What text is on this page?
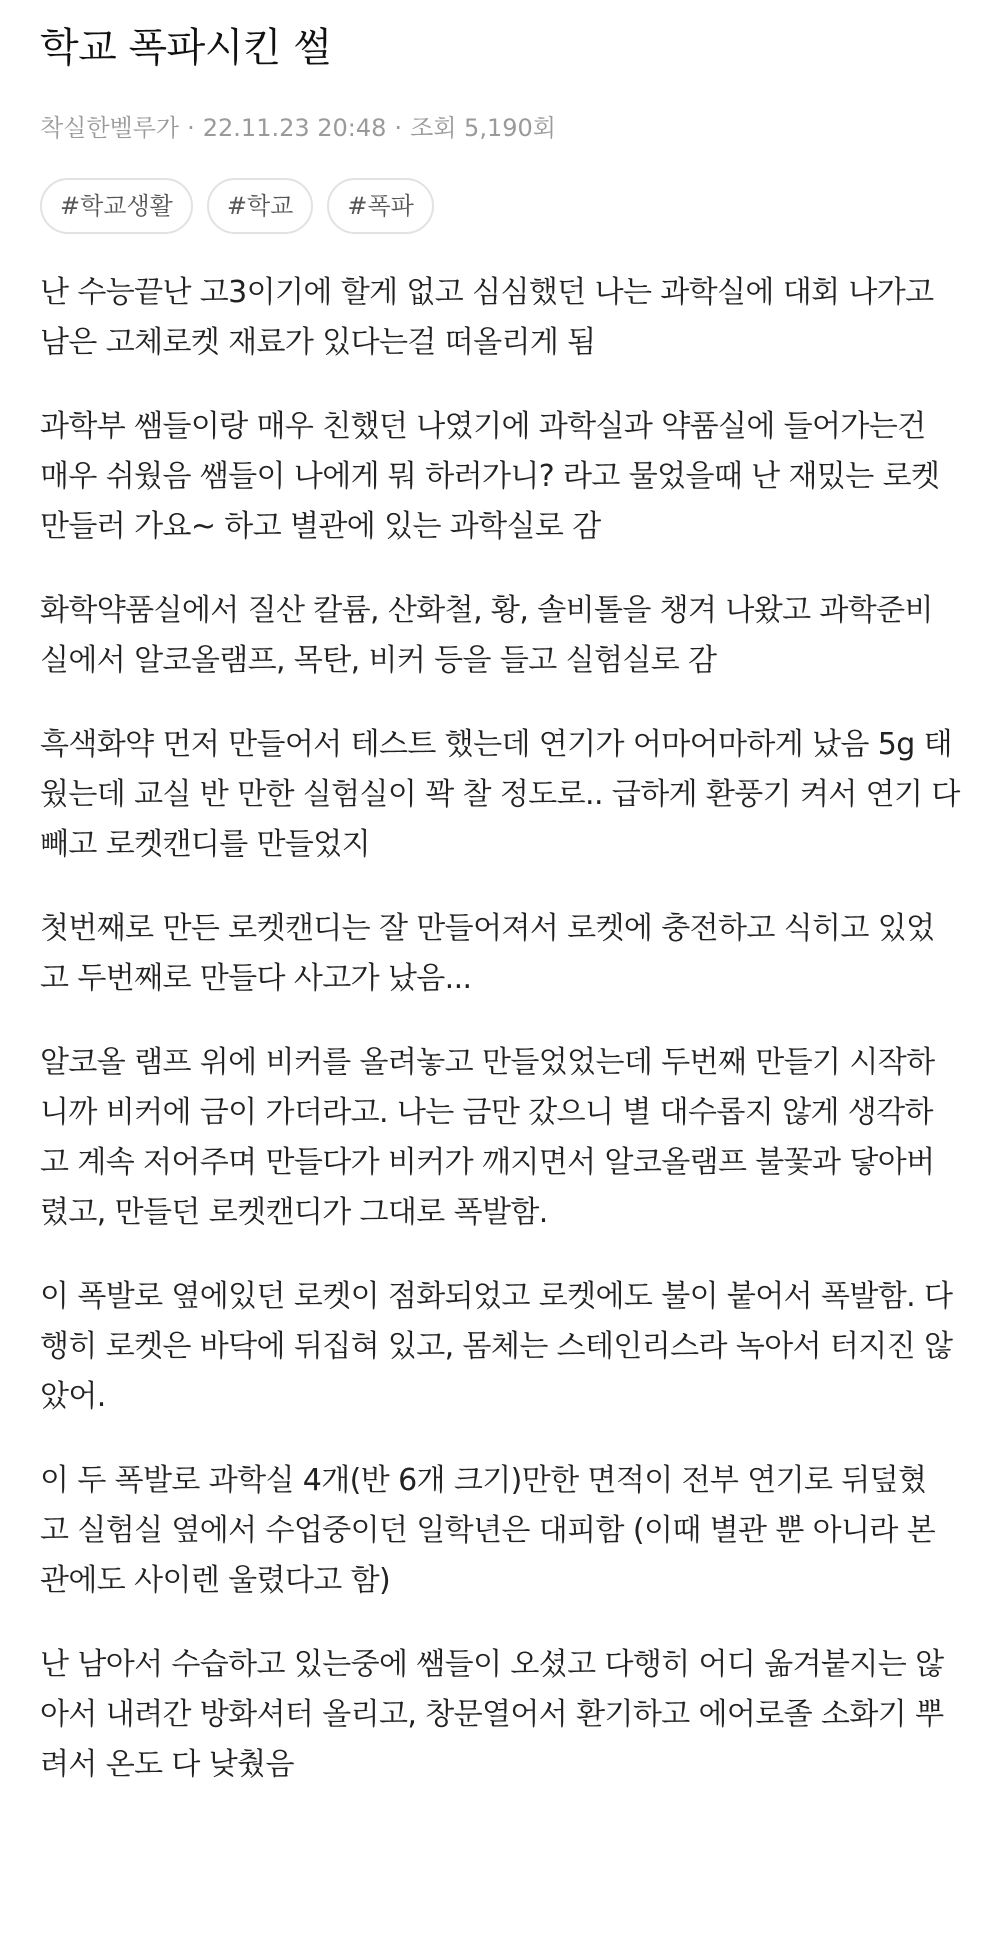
학교 폭파시킨 썰
착실한벨루가 · 22.11.23 20:48 · 조회 5,190회
#학교생활	#학교	#폭파

난 수능끝난 고3이기에 할게 없고 심심했던 나는 과학실에 대회 나가고
남은 고체로켓 재료가 있다는걸 떠올리게 됨

과학부 쌤들이랑 매우 친했던 나였기에 과학실과 약품실에 들어가는건
매우 쉬웠음 쌤들이 나에게 뭐 하러가니? 라고 물었을때 난 재밌는 로켓
만들러 가요~ 하고 별관에 있는 과학실로 감

화학약품실에서 질산 칼륨, 산화철, 황, 솔비톨을 챙겨 나왔고 과학준비
실에서 알코올램프, 목탄, 비커 등을 들고 실험실로 감

흑색화약 먼저 만들어서 테스트 했는데 연기가 어마어마하게 났음 5g 태
웠는데 교실 반 만한 실험실이 꽉 찰 정도로.. 급하게 환풍기 켜서 연기 다
빼고 로켓캔디를 만들었지

첫번째로 만든 로켓캔디는 잘 만들어져서 로켓에 충전하고 식히고 있었
고 두번째로 만들다 사고가 났음...

알코올 램프 위에 비커를 올려놓고 만들었었는데 두번째 만들기 시작하
니까 비커에 금이 가더라고. 나는 금만 갔으니 별 대수롭지 않게 생각하
고 계속 저어주며 만들다가 비커가 깨지면서 알코올램프 불꽃과 닿아버
렸고, 만들던 로켓캔디가 그대로 폭발함.

이 폭발로 옆에있던 로켓이 점화되었고 로켓에도 불이 붙어서 폭발함. 다
행히 로켓은 바닥에 뒤집혀 있고, 몸체는 스테인리스라 녹아서 터지진 않
았어.

이 두 폭발로 과학실 4개(반 6개 크기)만한 면적이 전부 연기로 뒤덮혔
고 실험실 옆에서 수업중이던 일학년은 대피함 (이때 별관 뿐 아니라 본
관에도 사이렌 울렸다고 함)

난 남아서 수습하고 있는중에 쌤들이 오셨고 다행히 어디 옮겨붙지는 않
아서 내려간 방화셔터 올리고, 창문열어서 환기하고 에어로졸 소화기 뿌
려서 온도 다 낮췄음
